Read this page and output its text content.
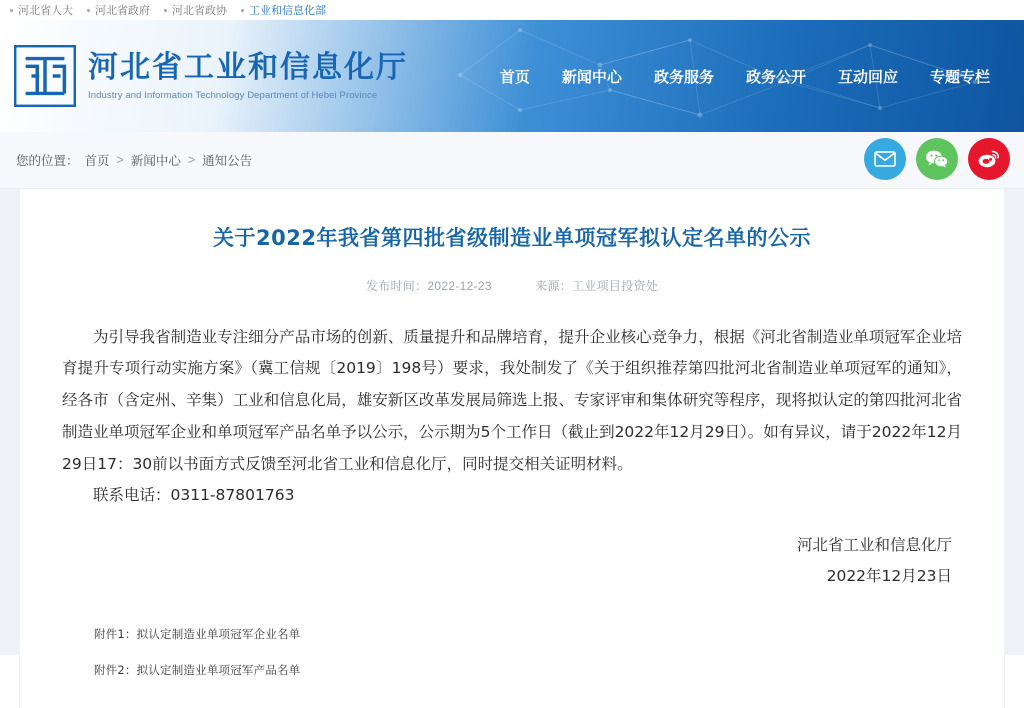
河北省人大 河北省政府 河北省政协 工业和信息化部
河北省工业和信息化厅
Industry and Information Technology Department of Hebei Province
首页	新闻中心	政务服务	政务公开	互动回应	专题专栏
您的位置： 首页 > 新闻中心 > 通知公告
关于2022年我省第四批省级制造业单项冠军拟认定名单的公示
发布时间：2022-12-23	来源：工业项目投资处

为引导我省制造业专注细分产品市场的创新、质量提升和品牌培育，提升企业核心竞争力，根据《河北省制造业单项冠军企业培育提升专项行动实施方案》（冀工信规〔2019〕198号）要求，我处制发了《关于组织推荐第四批河北省制造业单项冠军的通知》，经各市（含定州、辛集）工业和信息化局，雄安新区改革发展局筛选上报、专家评审和集体研究等程序，现将拟认定的第四批河北省制造业单项冠军企业和单项冠军产品名单予以公示，公示期为5个工作日（截止到2022年12月29日）。如有异议，请于2022年12月29日17：30前以书面方式反馈至河北省工业和信息化厅，同时提交相关证明材料。

联系电话：0311-87801763

河北省工业和信息化厅
2022年12月23日
附件1：拟认定制造业单项冠军企业名单
附件2：拟认定制造业单项冠军产品名单
